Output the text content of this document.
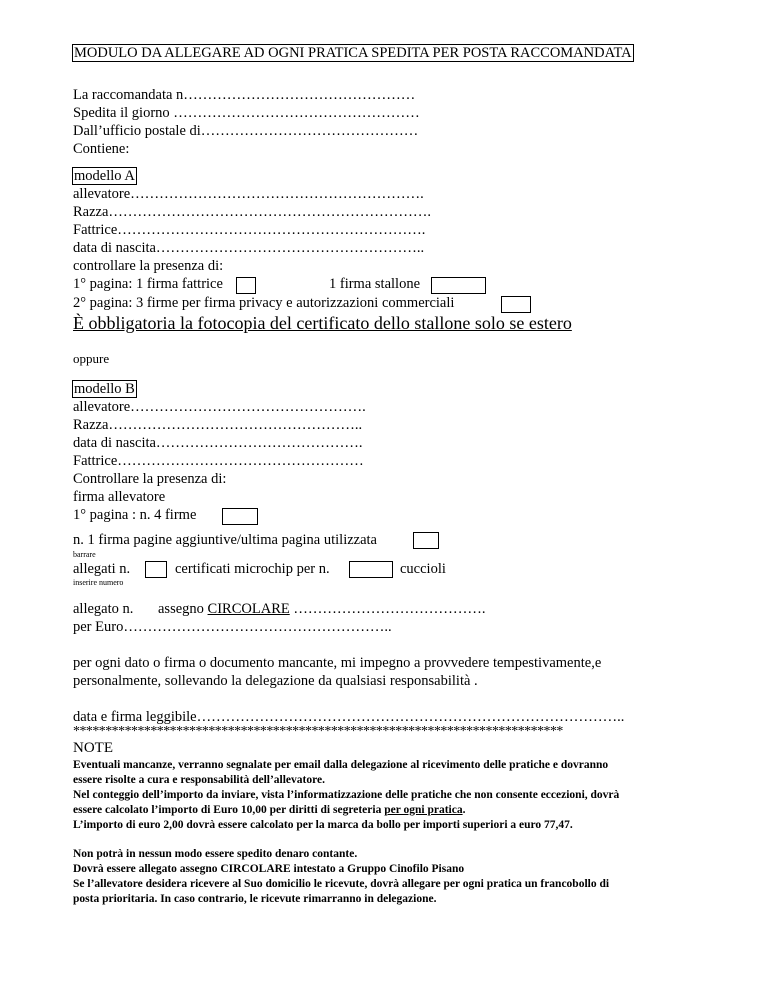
MODULO DA ALLEGARE AD OGNI PRATICA SPEDITA PER POSTA RACCOMANDATA
La raccomandata n…………………………………………
Spedita il giorno ……………………………………………
Dall’ufficio postale di………………………………………
Contiene:
modello A
allevatore…………………………………………………….
Razza………………………………………………………….
Fattrice……………………………………………………….
data di nascita………………………………………………..
controllare la presenza di:
1° pagina: 1 firma fattrice	1 firma stallone
2° pagina: 3 firme per firma privacy e autorizzazioni commerciali
È obbligatoria la fotocopia del certificato dello stallone solo se estero
oppure
modello B
allevatore………………………………………….
Razza……………………………………………..
data di nascita…………………………………….
Fattrice……………………………………………
Controllare la presenza di:
firma allevatore
1° pagina : n. 4 firme
n. 1 firma pagine aggiuntive/ultima pagina utilizzata
barrare
allegati n.	certificati microchip per n.	cuccioli
inserire numero
allegato n. assegno CIRCOLARE ………………………………….
per Euro………………………………………………..
per ogni dato o firma o documento mancante, mi impegno a provvedere tempestivamente,e
personalmente, sollevando la delegazione da qualsiasi responsabilità .
data e firma leggibile……………………………………………………………………………..
****************************************************************************
NOTE
Eventuali mancanze, verranno segnalate per email dalla delegazione al ricevimento delle pratiche e dovranno
essere risolte a cura e responsabilità dell’allevatore.
Nel conteggio dell’importo da inviare, vista l’informatizzazione delle pratiche che non consente eccezioni, dovrà
essere calcolato l’importo di Euro 10,00 per diritti di segreteria per ogni pratica.
L’importo di euro 2,00 dovrà essere calcolato per la marca da bollo per importi superiori a euro 77,47.
Non potrà in nessun modo essere spedito denaro contante.
Dovrà essere allegato assegno CIRCOLARE intestato a Gruppo Cinofilo Pisano
Se l’allevatore desidera ricevere al Suo domicilio le ricevute, dovrà allegare per ogni pratica un francobollo di
posta prioritaria. In caso contrario, le ricevute rimarranno in delegazione.
